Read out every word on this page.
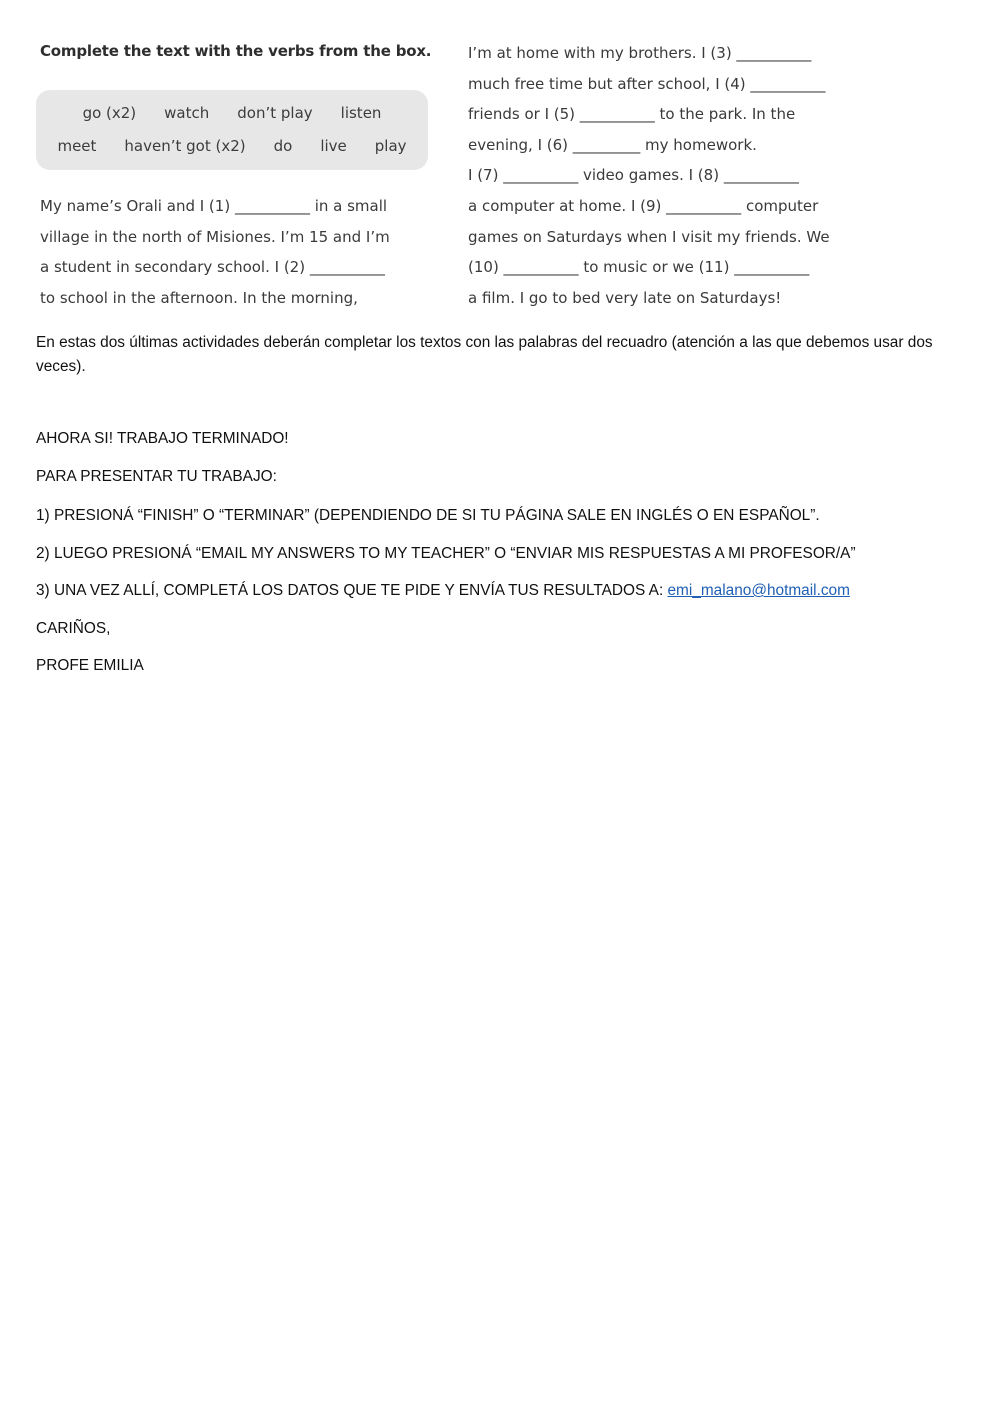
Complete the text with the verbs from the box.
go (x2) watch don’t play listen
meet haven’t got (x2) do live play
My name’s Orali and I (1) __________ in a small
village in the north of Misiones. I’m 15 and I’m
a student in secondary school. I (2) __________
to school in the afternoon. In the morning,
I’m at home with my brothers. I (3) __________
much free time but after school, I (4) __________
friends or I (5) __________ to the park. In the
evening, I (6) _________ my homework.
I (7) __________ video games. I (8) __________
a computer at home. I (9) __________ computer
games on Saturdays when I visit my friends. We
(10) __________ to music or we (11) __________
a film. I go to bed very late on Saturdays!
En estas dos últimas actividades deberán completar los textos con las palabras del recuadro (atención a las que debemos usar dos veces).
AHORA SI! TRABAJO TERMINADO!
PARA PRESENTAR TU TRABAJO:
1) PRESIONÁ “FINISH” O “TERMINAR” (DEPENDIENDO DE SI TU PÁGINA SALE EN INGLÉS O EN ESPAÑOL”.
2) LUEGO PRESIONÁ “EMAIL MY ANSWERS TO MY TEACHER” O “ENVIAR MIS RESPUESTAS A MI PROFESOR/A”
3) UNA VEZ ALLÍ, COMPLETÁ LOS DATOS QUE TE PIDE Y ENVÍA TUS RESULTADOS A: emi_malano@hotmail.com
CARIÑOS,
PROFE EMILIA
